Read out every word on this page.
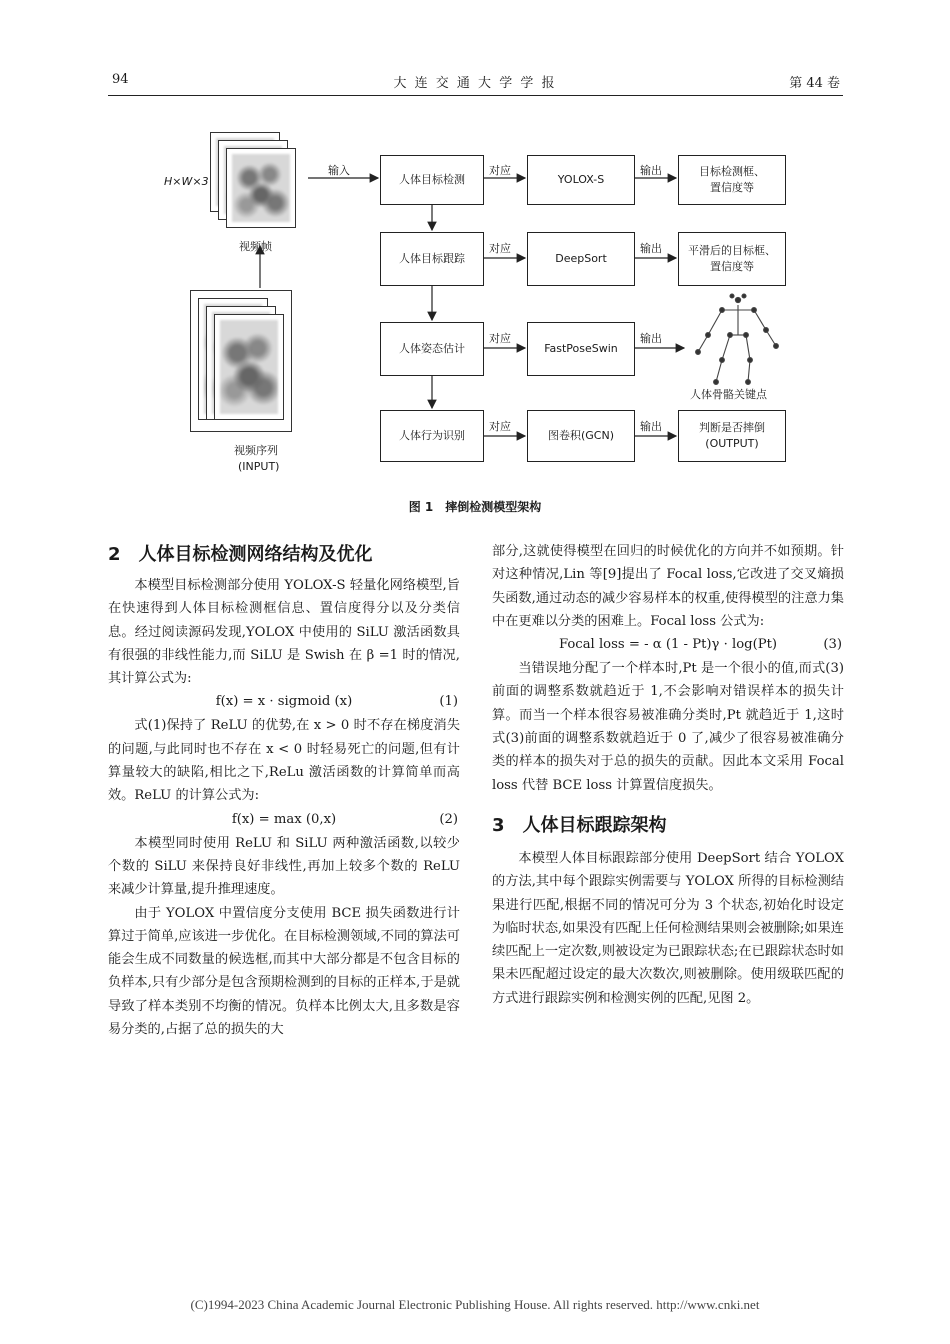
94	大 连 交 通 大 学 学 报	第 44 卷
H×W×3
视频帧
输入
视频序列
(INPUT)
人体目标检测
人体目标跟踪
人体姿态估计
人体行为识别
对应
对应
对应
对应
YOLOX-S
DeepSort
FastPoseSwin
图卷积(GCN)
输出
输出
输出
输出
目标检测框、
置信度等
平滑后的目标框、
置信度等
人体骨骼关键点
判断是否摔倒
(OUTPUT)
图 1　摔倒检测模型架构

2　人体目标检测网络结构及优化

本模型目标检测部分使用 YOLOX-S 轻量化网络模型,旨在快速得到人体目标检测框信息、置信度得分以及分类信息。经过阅读源码发现,YOLOX 中使用的 SiLU 激活函数具有很强的非线性能力,而 SiLU 是 Swish 在 β =1 时的情况,其计算公式为:

f(x) = x · sigmoid (x)	(1)

式(1)保持了 ReLU 的优势,在 x > 0 时不存在梯度消失的问题,与此同时也不存在 x < 0 时轻易死亡的问题,但有计算量较大的缺陷,相比之下,ReLu 激活函数的计算简单而高效。ReLU 的计算公式为:

f(x) = max (0,x)	(2)

本模型同时使用 ReLU 和 SiLU 两种激活函数,以较少个数的 SiLU 来保持良好非线性,再加上较多个数的 ReLU 来减少计算量,提升推理速度。

由于 YOLOX 中置信度分支使用 BCE 损失函数进行计算过于简单,应该进一步优化。在目标检测领域,不同的算法可能会生成不同数量的候选框,而其中大部分都是不包含目标的负样本,只有少部分是包含预期检测到的目标的正样本,于是就导致了样本类别不均衡的情况。负样本比例太大,且多数是容易分类的,占据了总的损失的大

部分,这就使得模型在回归的时候优化的方向并不如预期。针对这种情况,Lin 等[9]提出了 Focal loss,它改进了交叉熵损失函数,通过动态的减少容易样本的权重,使得模型的注意力集中在更难以分类的困难上。Focal loss 公式为:

Focal loss = - α (1 - Pt)γ · log(Pt)	(3)

当错误地分配了一个样本时,Pt 是一个很小的值,而式(3)前面的调整系数就趋近于 1,不会影响对错误样本的损失计算。而当一个样本很容易被准确分类时,Pt 就趋近于 1,这时式(3)前面的调整系数就趋近于 0 了,减少了很容易被准确分类的样本的损失对于总的损失的贡献。因此本文采用 Focal loss 代替 BCE loss 计算置信度损失。

3　人体目标跟踪架构

本模型人体目标跟踪部分使用 DeepSort 结合 YOLOX 的方法,其中每个跟踪实例需要与 YOLOX 所得的目标检测结果进行匹配,根据不同的情况可分为 3 个状态,初始化时设定为临时状态,如果没有匹配上任何检测结果则会被删除;如果连续匹配上一定次数,则被设定为已跟踪状态;在已跟踪状态时如果未匹配超过设定的最大次数次,则被删除。使用级联匹配的方式进行跟踪实例和检测实例的匹配,见图 2。

(C)1994-2023 China Academic Journal Electronic Publishing House. All rights reserved. http://www.cnki.net
